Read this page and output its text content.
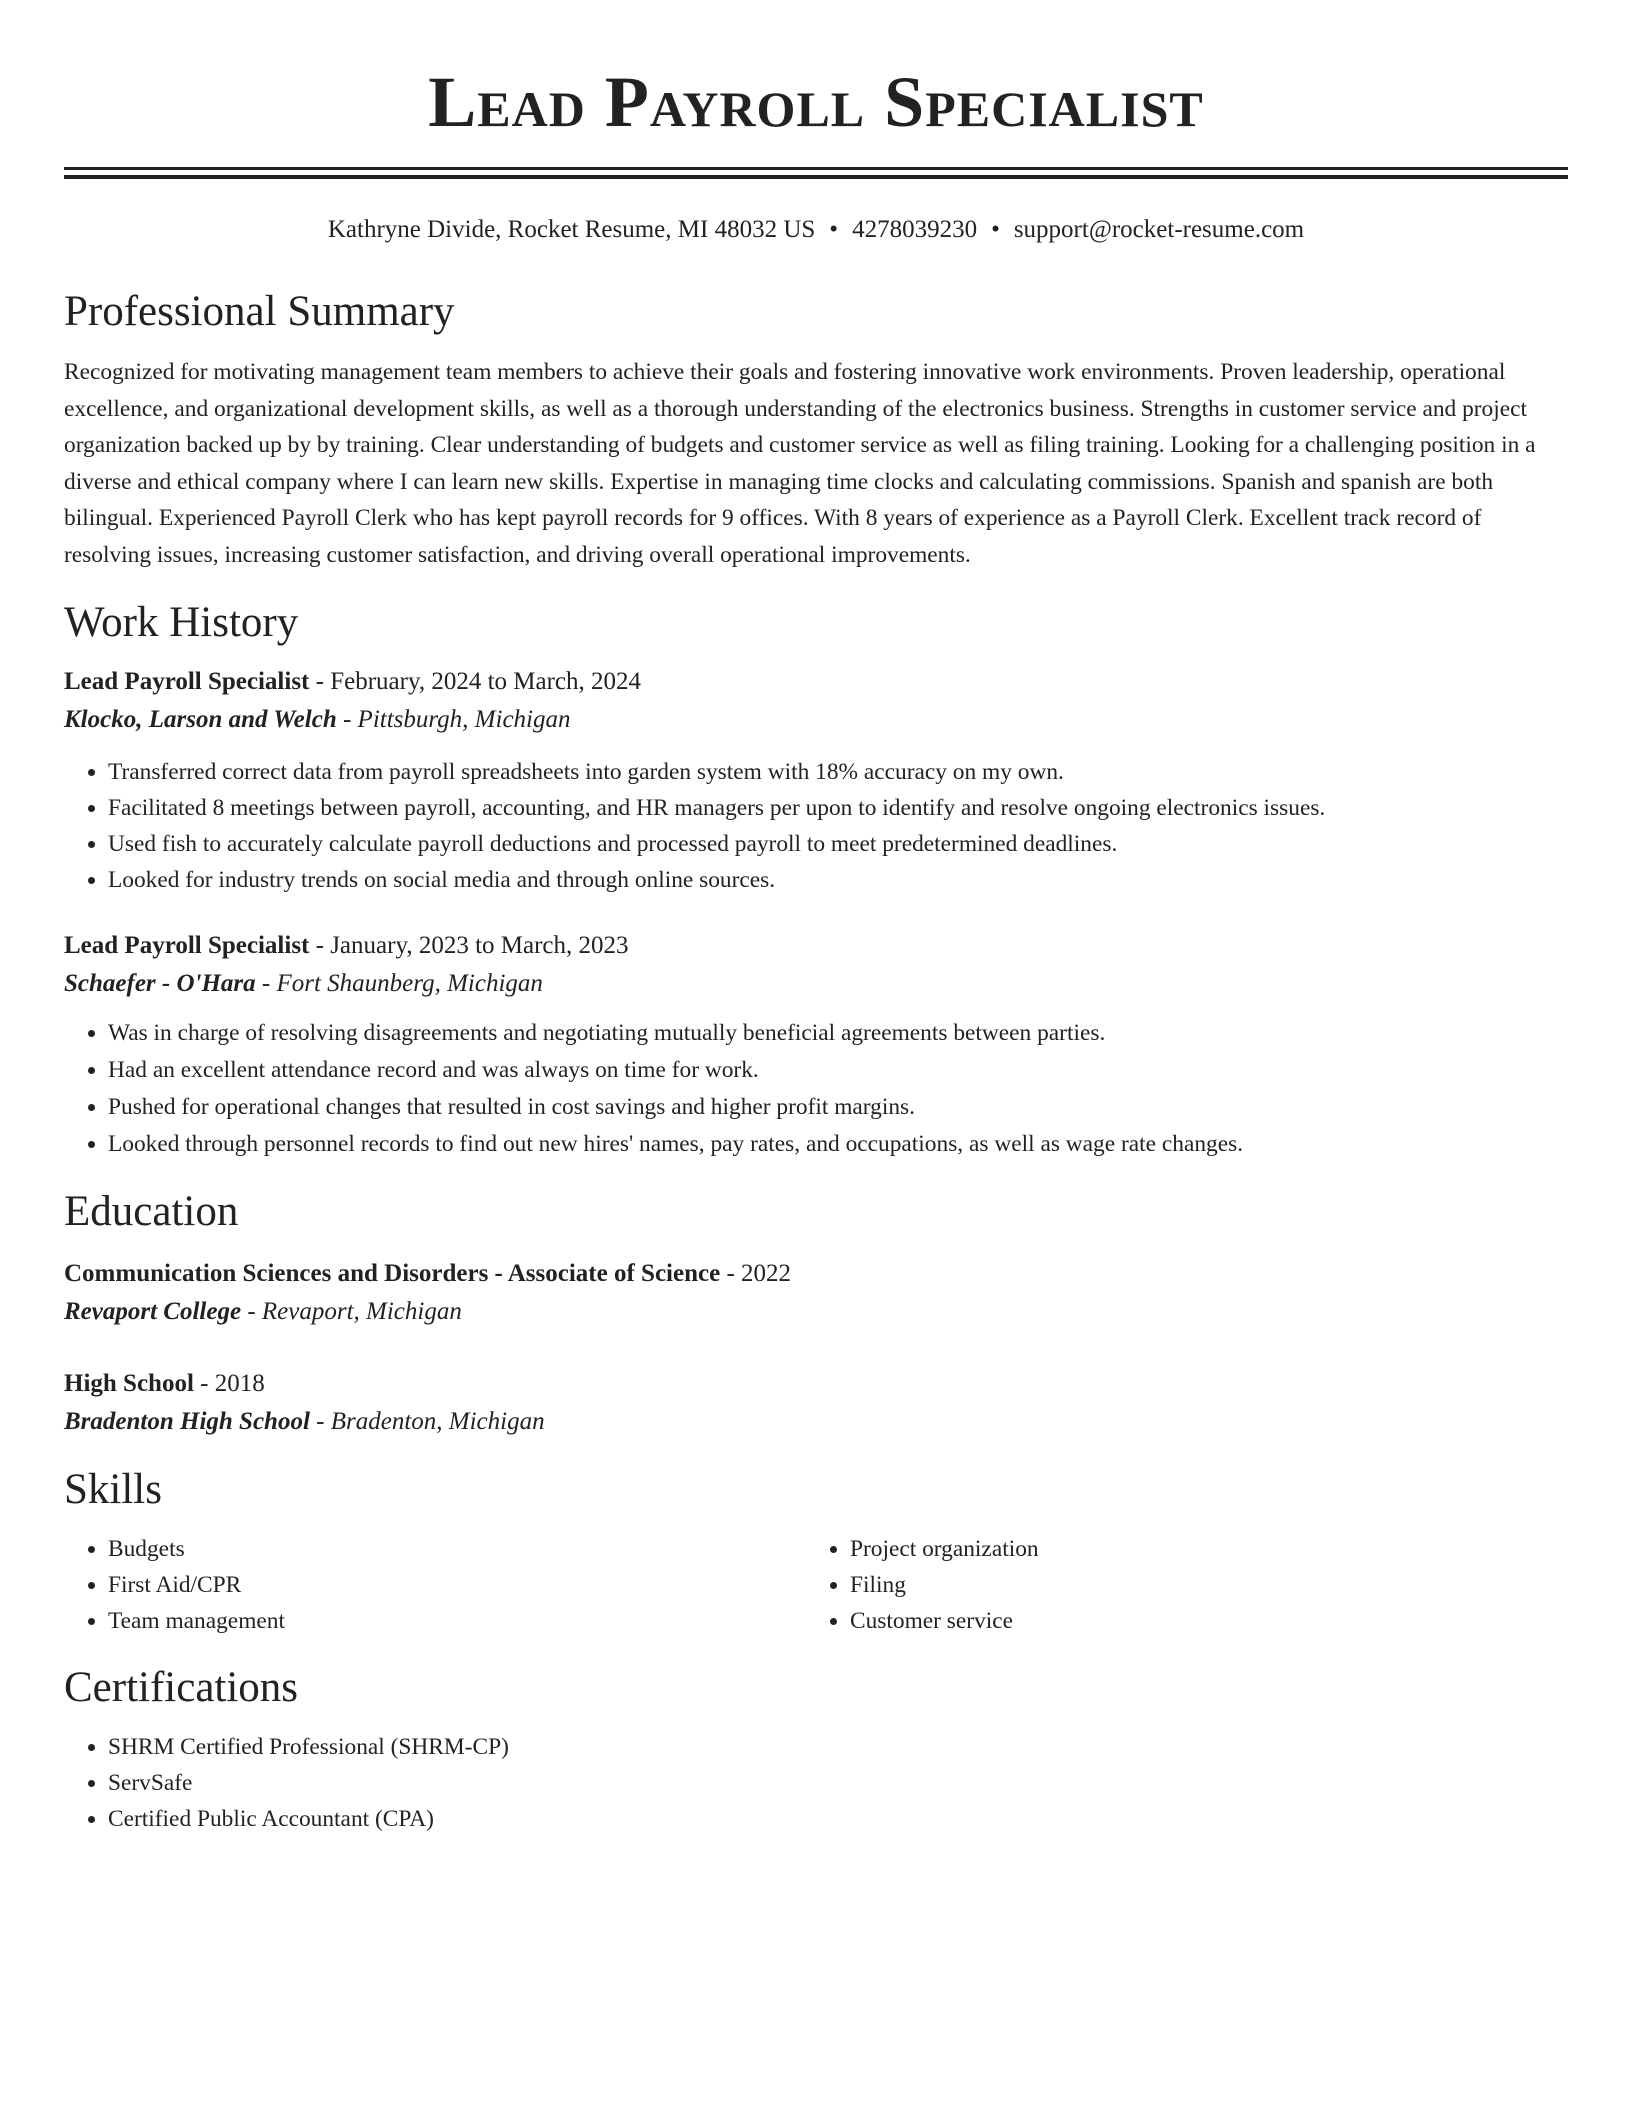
Lead Payroll Specialist
Kathryne Divide, Rocket Resume, MI 48032 US • 4278039230 • support@rocket-resume.com
Professional Summary

Recognized for motivating management team members to achieve their goals and fostering innovative work environments. Proven leadership, operational excellence, and organizational development skills, as well as a thorough understanding of the electronics business. Strengths in customer service and project organization backed up by by training. Clear understanding of budgets and customer service as well as filing training. Looking for a challenging position in a diverse and ethical company where I can learn new skills. Expertise in managing time clocks and calculating commissions. Spanish and spanish are both bilingual. Experienced Payroll Clerk who has kept payroll records for 9 offices. With 8 years of experience as a Payroll Clerk. Excellent track record of resolving issues, increasing customer satisfaction, and driving overall operational improvements.

Work History
Lead Payroll Specialist - February, 2024 to March, 2024
Klocko, Larson and Welch - Pittsburgh, Michigan
• Transferred correct data from payroll spreadsheets into garden system with 18% accuracy on my own.
• Facilitated 8 meetings between payroll, accounting, and HR managers per upon to identify and resolve ongoing electronics issues.
• Used fish to accurately calculate payroll deductions and processed payroll to meet predetermined deadlines.
• Looked for industry trends on social media and through online sources.
Lead Payroll Specialist - January, 2023 to March, 2023
Schaefer - O'Hara - Fort Shaunberg, Michigan
• Was in charge of resolving disagreements and negotiating mutually beneficial agreements between parties.
• Had an excellent attendance record and was always on time for work.
• Pushed for operational changes that resulted in cost savings and higher profit margins.
• Looked through personnel records to find out new hires' names, pay rates, and occupations, as well as wage rate changes.
Education
Communication Sciences and Disorders - Associate of Science - 2022
Revaport College - Revaport, Michigan
High School - 2018
Bradenton High School - Bradenton, Michigan
Skills
• Budgets
• First Aid/CPR
• Team management
• Project organization
• Filing
• Customer service
Certifications
• SHRM Certified Professional (SHRM-CP)
• ServSafe
• Certified Public Accountant (CPA)
